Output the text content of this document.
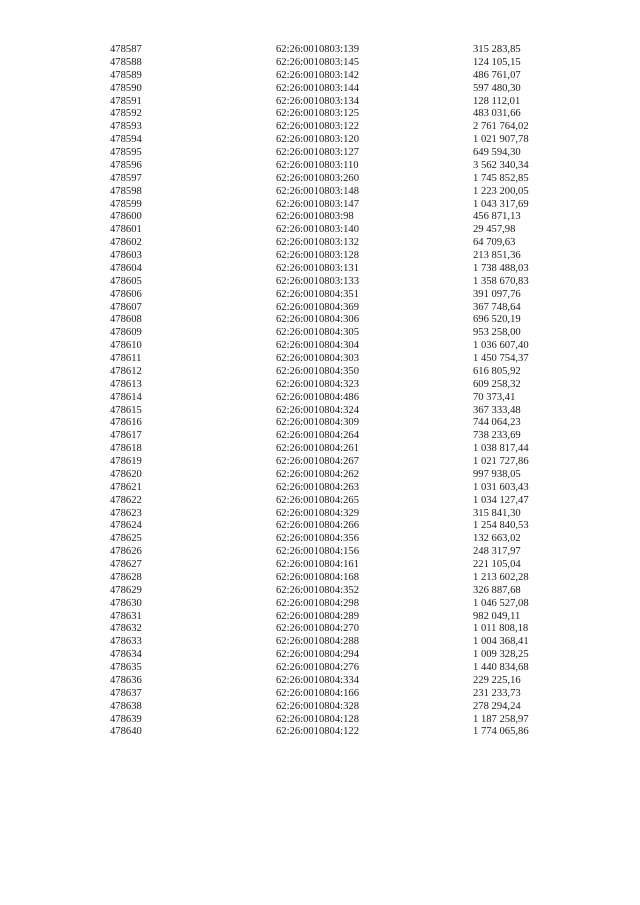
478587	62:26:0010803:139	315 283,85
478588	62:26:0010803:145	124 105,15
478589	62:26:0010803:142	486 761,07
478590	62:26:0010803:144	597 480,30
478591	62:26:0010803:134	128 112,01
478592	62:26:0010803:125	483 031,66
478593	62:26:0010803:122	2 761 764,02
478594	62:26:0010803:120	1 021 907,78
478595	62:26:0010803:127	649 594,30
478596	62:26:0010803:110	3 562 340,34
478597	62:26:0010803:260	1 745 852,85
478598	62:26:0010803:148	1 223 200,05
478599	62:26:0010803:147	1 043 317,69
478600	62:26:0010803:98	456 871,13
478601	62:26:0010803:140	29 457,98
478602	62:26:0010803:132	64 709,63
478603	62:26:0010803:128	213 851,36
478604	62:26:0010803:131	1 738 488,03
478605	62:26:0010803:133	1 358 670,83
478606	62:26:0010804:351	391 097,76
478607	62:26:0010804:369	367 748,64
478608	62:26:0010804:306	696 520,19
478609	62:26:0010804:305	953 258,00
478610	62:26:0010804:304	1 036 607,40
478611	62:26:0010804:303	1 450 754,37
478612	62:26:0010804:350	616 805,92
478613	62:26:0010804:323	609 258,32
478614	62:26:0010804:486	70 373,41
478615	62:26:0010804:324	367 333,48
478616	62:26:0010804:309	744 064,23
478617	62:26:0010804:264	738 233,69
478618	62:26:0010804:261	1 038 817,44
478619	62:26:0010804:267	1 021 727,86
478620	62:26:0010804:262	997 938,05
478621	62:26:0010804:263	1 031 603,43
478622	62:26:0010804:265	1 034 127,47
478623	62:26:0010804:329	315 841,30
478624	62:26:0010804:266	1 254 840,53
478625	62:26:0010804:356	132 663,02
478626	62:26:0010804:156	248 317,97
478627	62:26:0010804:161	221 105,04
478628	62:26:0010804:168	1 213 602,28
478629	62:26:0010804:352	326 887,68
478630	62:26:0010804:298	1 046 527,08
478631	62:26:0010804:289	982 049,11
478632	62:26:0010804:270	1 011 808,18
478633	62:26:0010804:288	1 004 368,41
478634	62:26:0010804:294	1 009 328,25
478635	62:26:0010804:276	1 440 834,68
478636	62:26:0010804:334	229 225,16
478637	62:26:0010804:166	231 233,73
478638	62:26:0010804:328	278 294,24
478639	62:26:0010804:128	1 187 258,97
478640	62:26:0010804:122	1 774 065,86
